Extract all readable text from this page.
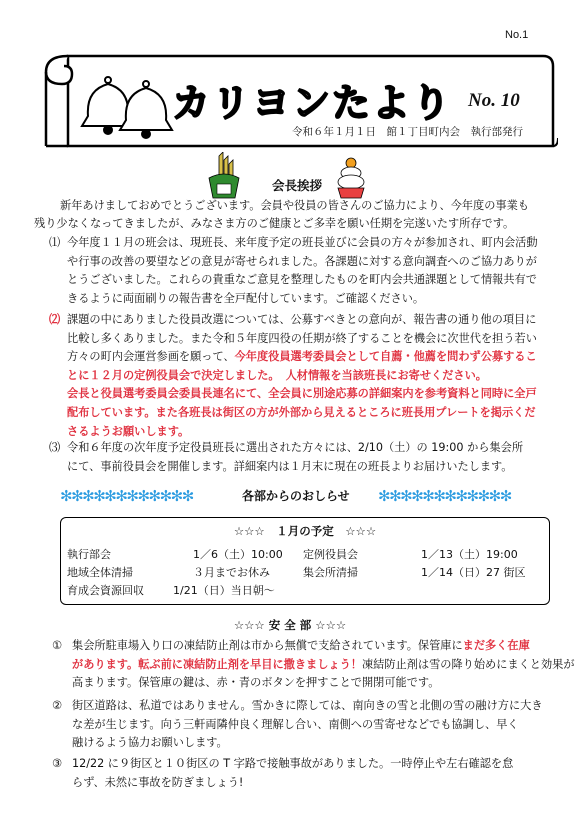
No.1
カリヨンたより No. 10
令和６年１月１日　館１丁目町内会　執行部発行
会長挨拶
新年あけましておめでとうございます。会員や役員の皆さんのご協力により、今年度の事業も
残り少なくなってきましたが、みなさま方のご健康とご多幸を願い任期を完遂いたす所存です。
⑴ 今年度１１月の班会は、現班長、来年度予定の班長並びに会員の方々が参加され、町内会活動
や行事の改善の要望などの意見が寄せられました。各課題に対する意向調査へのご協力ありが
とうございました。これらの貴重なご意見を整理したものを町内会共通課題として情報共有で
きるように両面刷りの報告書を全戸配付しています。ご確認ください。
⑵ 課題の中にありました役員改選については、公募すべきとの意向が、報告書の通り他の項目に
比較し多くありました。また令和５年度四役の任期が終了することを機会に次世代を担う若い
方々の町内会運営参画を願って、今年度役員選考委員会として自薦・他薦を問わず公募するこ
とに１２月の定例役員会で決定しました。 人材情報を当該班長にお寄せください。
会長と役員選考委員会委員長連名にて、全会員に別途応募の詳細案内を参考資料と同時に全戸
配布しています。また各班長は街区の方が外部から見えるところに班長用プレートを掲示くだ
さるようお願いします。
⑶ 令和６年度の次年度予定役員班長に選出された方々には、2/10（土）の 19:00 から集会所
にて、事前役員会を開催します。詳細案内は１月末に現在の班長よりお届けいたします。
✻✻✻✻✻✻✻✻✻✻✻✻	各部からのおしらせ ✻✻✻✻✻✻✻✻✻✻✻✻
☆☆☆　１月の予定　☆☆☆
執行部会	1／6（土）10:00 定例役員会	1／13（土）19:00
地域全体清掃	３月までお休み	集会所清掃	1／14（日）27 街区
育成会資源回収	1/21（日）当日朝～
☆☆☆ 安 全 部 ☆☆☆
① 集会所駐車場入り口の凍結防止剤は市から無償で支給されています。保管庫にまだ多く在庫
があります。転ぶ前に凍結防止剤を早目に撒きましょう！凍結防止剤は雪の降り始めにまくと効果が
高まります。保管庫の鍵は、赤・青のボタンを押すことで開閉可能です。
② 街区道路は、私道ではありません。雪かきに際しては、南向きの雪と北側の雪の融け方に大き
な差が生じます。向う三軒両隣仲良く理解し合い、南側への雪寄せなどでも協調し、早く
融けるよう協力お願いします。
③ 12/22 に９街区と１０街区の T 字路で接触事故がありました。一時停止や左右確認を怠
らず、未然に事故を防ぎましょう!
